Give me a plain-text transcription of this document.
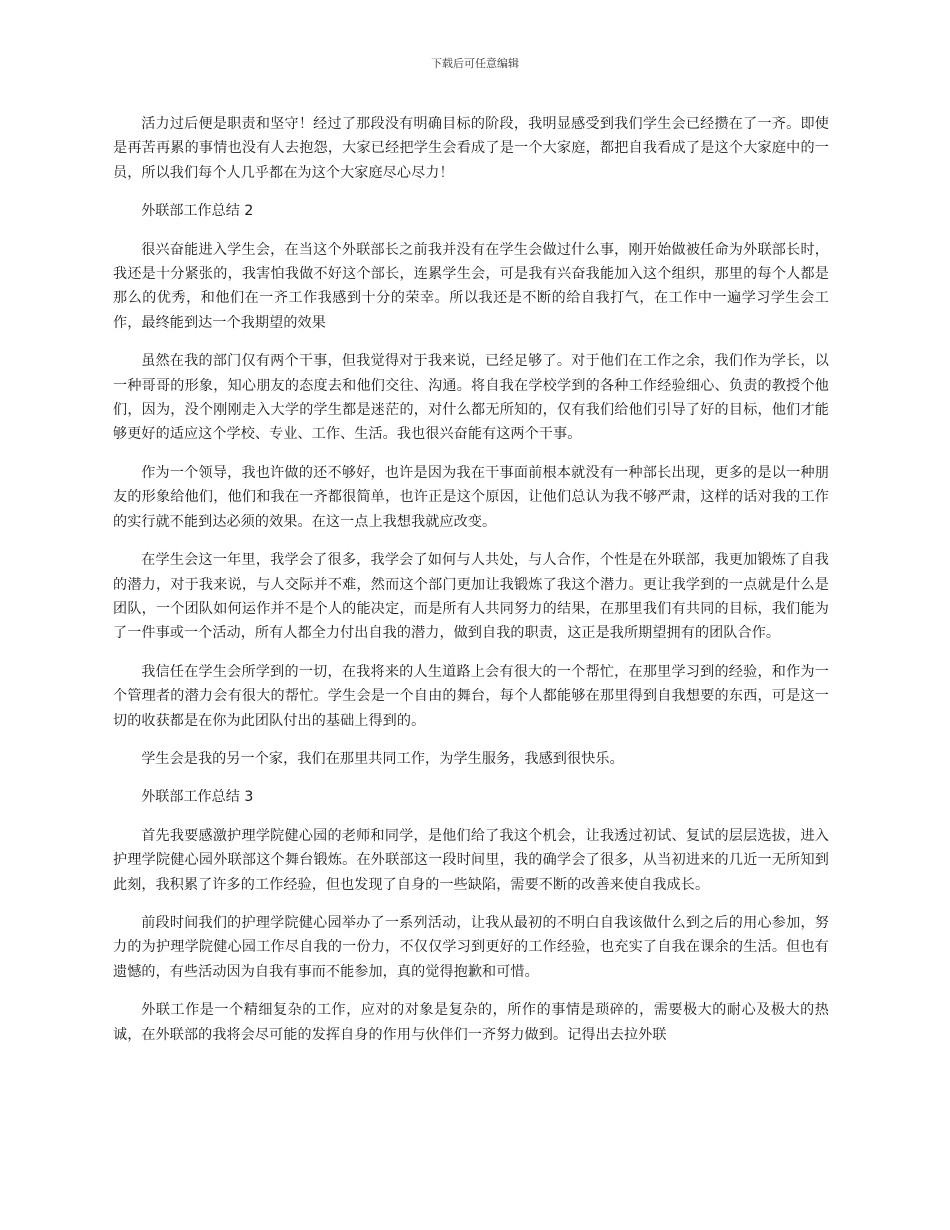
下载后可任意编辑

活力过后便是职责和坚守！经过了那段没有明确目标的阶段，我明显感受到我们学生会已经攒在了一齐。即使是再苦再累的事情也没有人去抱怨，大家已经把学生会看成了是一个大家庭，都把自我看成了是这个大家庭中的一员，所以我们每个人几乎都在为这个大家庭尽心尽力！

外联部工作总结 2

很兴奋能进入学生会，在当这个外联部长之前我并没有在学生会做过什么事，刚开始做被任命为外联部长时，我还是十分紧张的，我害怕我做不好这个部长，连累学生会，可是我有兴奋我能加入这个组织，那里的每个人都是那么的优秀，和他们在一齐工作我感到十分的荣幸。所以我还是不断的给自我打气，在工作中一遍学习学生会工作，最终能到达一个我期望的效果

虽然在我的部门仅有两个干事，但我觉得对于我来说，已经足够了。对于他们在工作之余，我们作为学长，以一种哥哥的形象，知心朋友的态度去和他们交往、沟通。将自我在学校学到的各种工作经验细心、负责的教授个他们，因为，没个刚刚走入大学的学生都是迷茫的，对什么都无所知的，仅有我们给他们引导了好的目标，他们才能够更好的适应这个学校、专业、工作、生活。我也很兴奋能有这两个干事。

作为一个领导，我也许做的还不够好，也许是因为我在干事面前根本就没有一种部长出现，更多的是以一种朋友的形象给他们，他们和我在一齐都很简单，也许正是这个原因，让他们总认为我不够严肃，这样的话对我的工作的实行就不能到达必须的效果。在这一点上我想我就应改变。

在学生会这一年里，我学会了很多，我学会了如何与人共处，与人合作，个性是在外联部，我更加锻炼了自我的潜力，对于我来说，与人交际并不难，然而这个部门更加让我锻炼了我这个潜力。更让我学到的一点就是什么是团队，一个团队如何运作并不是个人的能决定，而是所有人共同努力的结果，在那里我们有共同的目标，我们能为了一件事或一个活动，所有人都全力付出自我的潜力，做到自我的职责，这正是我所期望拥有的团队合作。

我信任在学生会所学到的一切，在我将来的人生道路上会有很大的一个帮忙，在那里学习到的经验，和作为一个管理者的潜力会有很大的帮忙。学生会是一个自由的舞台，每个人都能够在那里得到自我想要的东西，可是这一切的收获都是在你为此团队付出的基础上得到的。

学生会是我的另一个家，我们在那里共同工作，为学生服务，我感到很快乐。

外联部工作总结 3

首先我要感激护理学院健心园的老师和同学，是他们给了我这个机会，让我透过初试、复试的层层选拔，进入护理学院健心园外联部这个舞台锻炼。在外联部这一段时间里，我的确学会了很多，从当初进来的几近一无所知到此刻，我积累了许多的工作经验，但也发现了自身的一些缺陷，需要不断的改善来使自我成长。

前段时间我们的护理学院健心园举办了一系列活动，让我从最初的不明白自我该做什么到之后的用心参加，努力的为护理学院健心园工作尽自我的一份力，不仅仅学习到更好的工作经验，也充实了自我在课余的生活。但也有遗憾的，有些活动因为自我有事而不能参加，真的觉得抱歉和可惜。

外联工作是一个精细复杂的工作，应对的对象是复杂的，所作的事情是琐碎的，需要极大的耐心及极大的热诚，在外联部的我将会尽可能的发挥自身的作用与伙伴们一齐努力做到。记得出去拉外联
